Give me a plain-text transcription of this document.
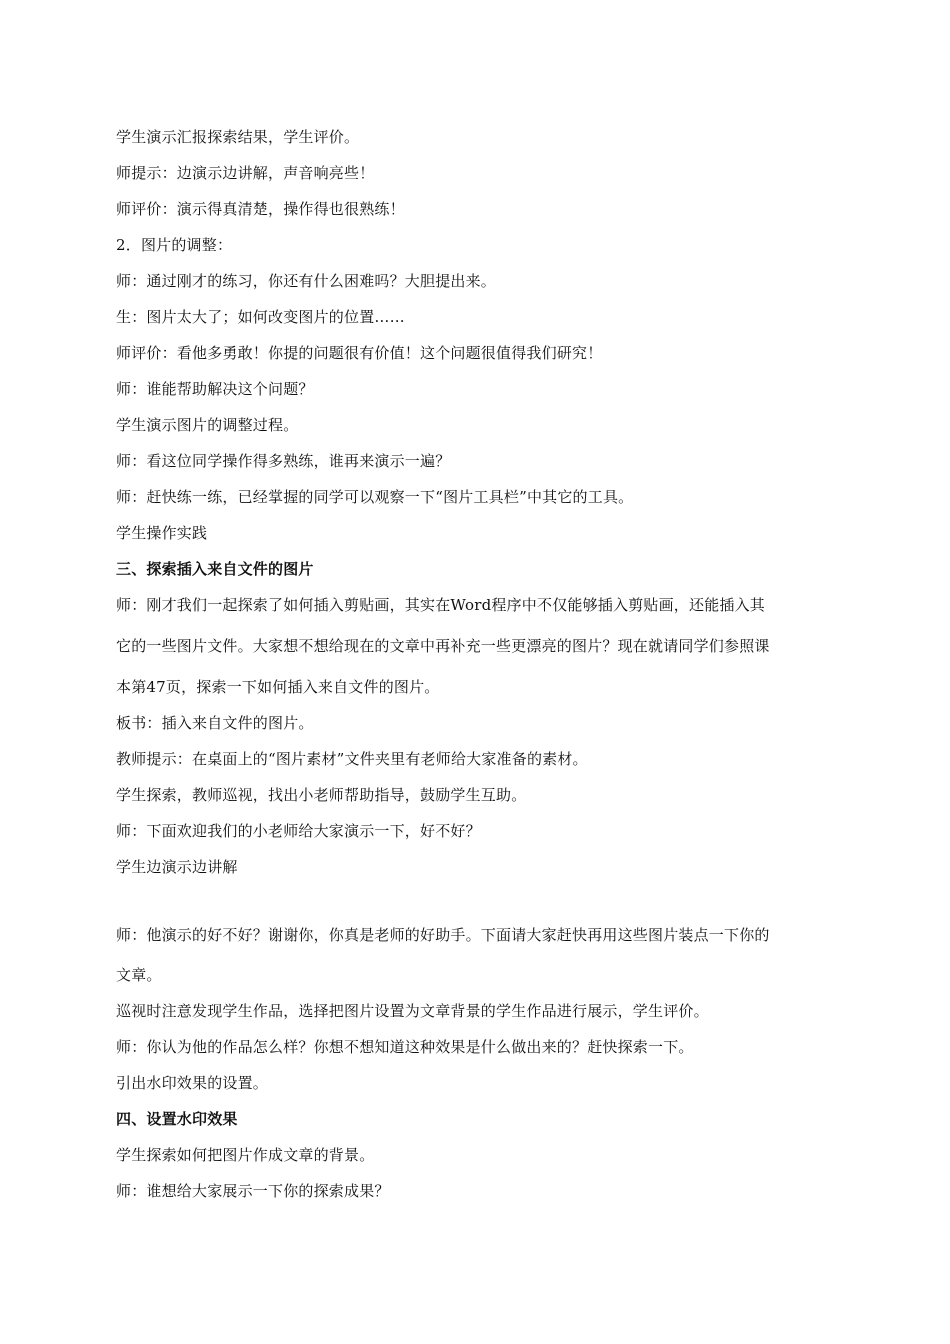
学生演示汇报探索结果，学生评价。
师提示：边演示边讲解，声音响亮些！
师评价：演示得真清楚，操作得也很熟练！
2．图片的调整：
师：通过刚才的练习，你还有什么困难吗？大胆提出来。
生：图片太大了；如何改变图片的位置……
师评价：看他多勇敢！你提的问题很有价值！这个问题很值得我们研究！
师：谁能帮助解决这个问题？
学生演示图片的调整过程。
师：看这位同学操作得多熟练，谁再来演示一遍？
师：赶快练一练，已经掌握的同学可以观察一下“图片工具栏”中其它的工具。
学生操作实践
三、探索插入来自文件的图片
师：刚才我们一起探索了如何插入剪贴画，其实在Word程序中不仅能够插入剪贴画，还能插入其
它的一些图片文件。大家想不想给现在的文章中再补充一些更漂亮的图片？现在就请同学们参照课
本第47页，探索一下如何插入来自文件的图片。
板书：插入来自文件的图片。
教师提示：在桌面上的“图片素材”文件夹里有老师给大家准备的素材。
学生探索，教师巡视，找出小老师帮助指导，鼓励学生互助。
师：下面欢迎我们的小老师给大家演示一下，好不好？
学生边演示边讲解
师：他演示的好不好？谢谢你，你真是老师的好助手。下面请大家赶快再用这些图片装点一下你的
文章。
巡视时注意发现学生作品，选择把图片设置为文章背景的学生作品进行展示，学生评价。
师：你认为他的作品怎么样？你想不想知道这种效果是什么做出来的？赶快探索一下。
引出水印效果的设置。
四、设置水印效果
学生探索如何把图片作成文章的背景。
师：谁想给大家展示一下你的探索成果？
